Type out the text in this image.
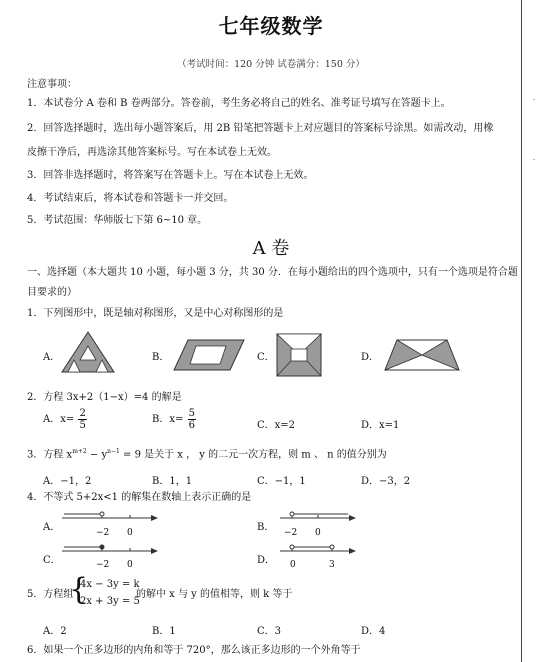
·
·
七年级数学
（考试时间：120 分钟 试卷满分：150 分）
注意事项：
1．本试卷分 A 卷和 B 卷两部分。答卷前，考生务必将自己的姓名、准考证号填写在答题卡上。
2．回答选择题时，选出每小题答案后，用 2B 铅笔把答题卡上对应题目的答案标号涂黑。如需改动，用橡
皮擦干净后，再选涂其他答案标号。写在本试卷上无效。
3．回答非选择题时，将答案写在答题卡上。写在本试卷上无效。
4．考试结束后，将本试卷和答题卡一并交回。
5．考试范围：华师版七下第 6~10 章。
A 卷
一、选择题（本大题共 10 小题，每小题 3 分，共 30 分．在每小题给出的四个选项中，只有一个选项是符合题
目要求的）
1．下列图形中，既是轴对称图形，又是中心对称图形的是
A．	B．	C．	D．
2．方程 3x+2（1−x）=4 的解是
A．$x= \frac{2}{5}$	B．$x= \frac{5}{6}$	C．x=2	D．x=1
3．方程 $x^{m+2} - y^{n-1} = 9$ 是关于 x ， y 的二元一次方程，则 m 、 n 的值分别为
A．−1，2	B．1，1	C．−1，1	D．−3，2
4．不等式 5+2x<1 的解集在数轴上表示正确的是
A．	−2 0	B． −2 0
C．	−2 0	D． 0	3
5．方程组
{
4x − 3y = k
2x + 3y = 5
的解中 x 与 y 的值相等，则 k 等于
A．2	B．1	C．3	D．4
6．如果一个正多边形的内角和等于 720°，那么该正多边形的一个外角等于
